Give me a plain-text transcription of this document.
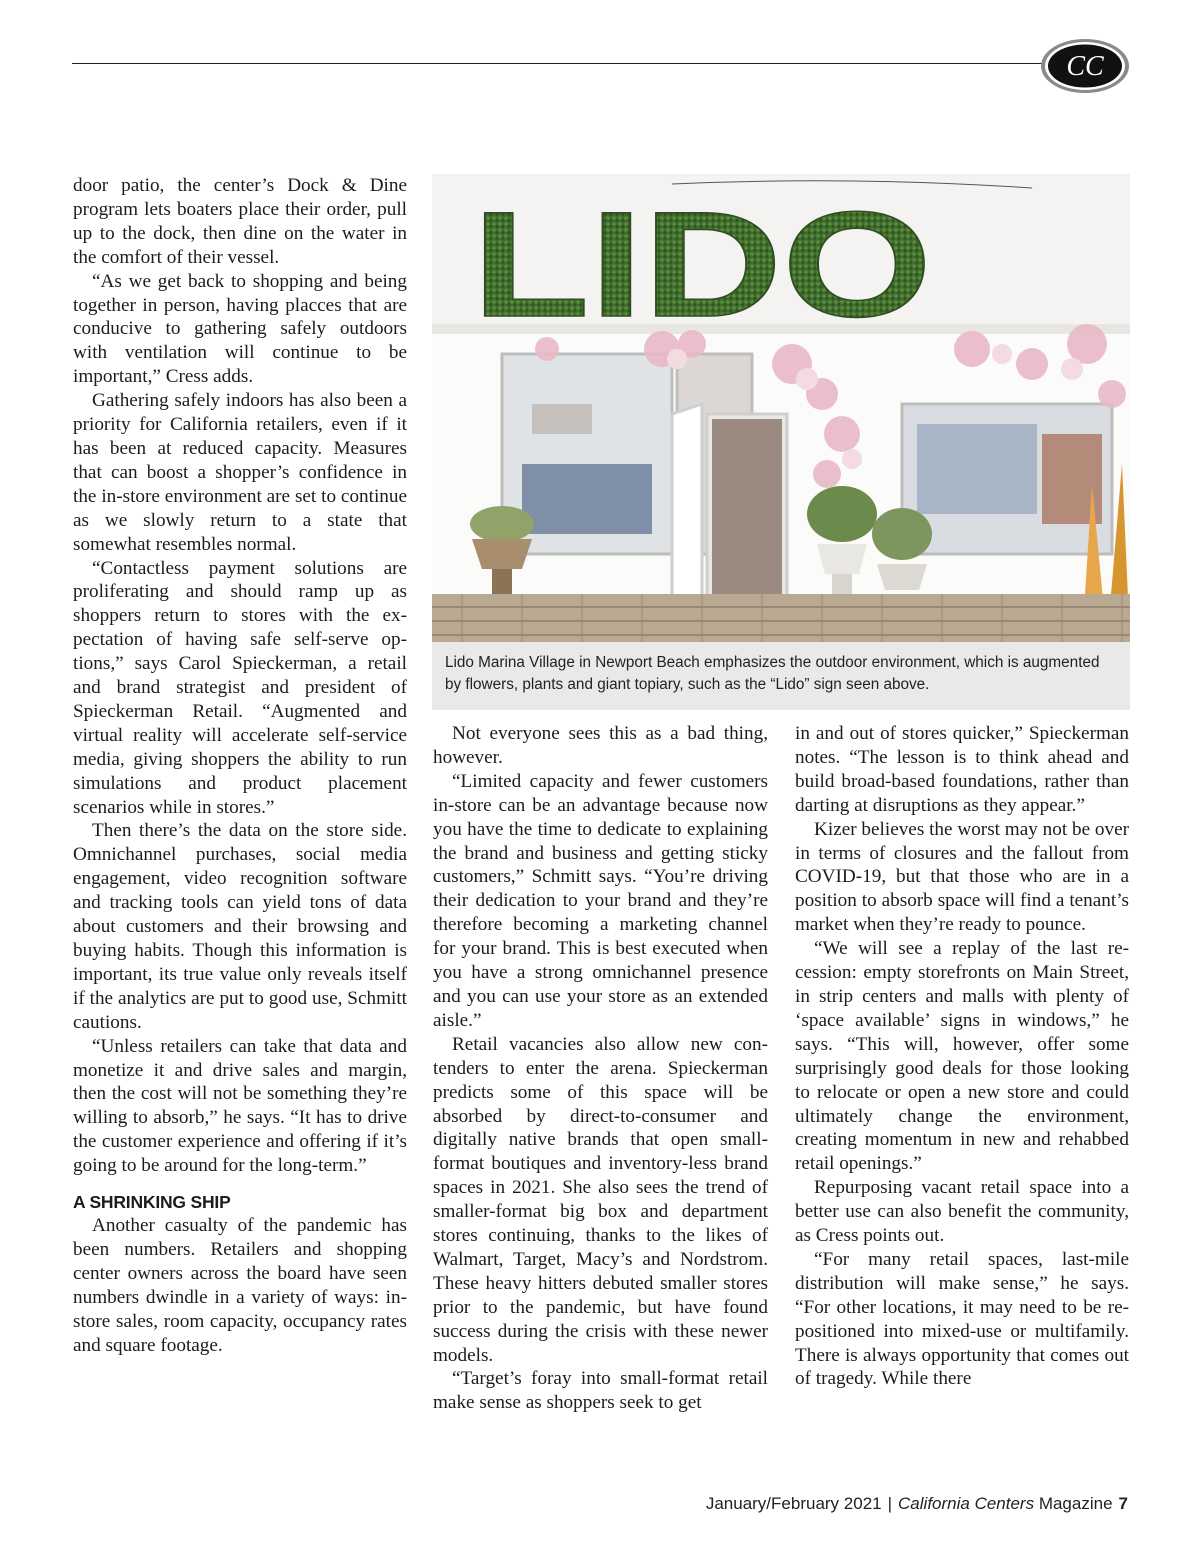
CC

door patio, the center’s Dock & Dine program lets boaters place their order, pull up to the dock, then dine on the water in the comfort of their vessel.

“As we get back to shopping and being together in person, having placces that are conducive to gathering safely outdoors with ventilation will continue to be important,” Cress adds.

Gathering safely indoors has also been a priority for California retailers, even if it has been at reduced capacity. Measures that can boost a shopper’s confidence in the in-store environment are set to continue as we slowly return to a state that somewhat resembles normal.

“Contactless payment solutions are proliferating and should ramp up as shoppers return to stores with the expectation of having safe self-serve options,” says Carol Spieckerman, a retail and brand strategist and president of Spieckerman Retail. “Augmented and virtual reality will accelerate self-service media, giving shoppers the ability to run simulations and product placement scenarios while in stores.”

Then there’s the data on the store side. Omnichannel purchases, social media engagement, video recognition software and tracking tools can yield tons of data about customers and their browsing and buying habits. Though this information is important, its true value only reveals itself if the analytics are put to good use, Schmitt cautions.

“Unless retailers can take that data and monetize it and drive sales and margin, then the cost will not be something they’re willing to absorb,” he says. “It has to drive the customer experience and offering if it’s going to be around for the long-term.”

A SHRINKING SHIP

Another casualty of the pandemic has been numbers. Retailers and shopping center owners across the board have seen numbers dwindle in a variety of ways: in-store sales, room capacity, occupancy rates and square footage.

LIDO
Lido Marina Village in Newport Beach emphasizes the outdoor environment, which is augmented by flowers, plants and giant topiary, such as the “Lido” sign seen above.

Not everyone sees this as a bad thing, however.

“Limited capacity and fewer customers in-store can be an advantage because now you have the time to dedicate to explaining the brand and business and getting sticky customers,” Schmitt says. “You’re driving their dedication to your brand and they’re therefore becoming a marketing channel for your brand. This is best executed when you have a strong omnichannel presence and you can use your store as an extended aisle.”

Retail vacancies also allow new contenders to enter the arena. Spieckerman predicts some of this space will be absorbed by direct-to-consumer and digitally native brands that open small-format boutiques and inventory-less brand spaces in 2021. She also sees the trend of smaller-format big box and department stores continuing, thanks to the likes of Walmart, Target, Macy’s and Nordstrom. These heavy hitters debuted smaller stores prior to the pandemic, but have found success during the crisis with these newer models.

“Target’s foray into small-format retail make sense as shoppers seek to get

in and out of stores quicker,” Spieckerman notes. “The lesson is to think ahead and build broad-based foundations, rather than darting at disruptions as they appear.”

Kizer believes the worst may not be over in terms of closures and the fallout from COVID-19, but that those who are in a position to absorb space will find a tenant’s market when they’re ready to pounce.

“We will see a replay of the last recession: empty storefronts on Main Street, in strip centers and malls with plenty of ‘space available’ signs in windows,” he says. “This will, however, offer some surprisingly good deals for those looking to relocate or open a new store and could ultimately change the environment, creating momentum in new and rehabbed retail openings.”

Repurposing vacant retail space into a better use can also benefit the community, as Cress points out.

“For many retail spaces, last-mile distribution will make sense,” he says. “For other locations, it may need to be re-positioned into mixed-use or multifamily. There is always opportunity that comes out of tragedy. While there

January/February 2021 | California Centers Magazine 7
